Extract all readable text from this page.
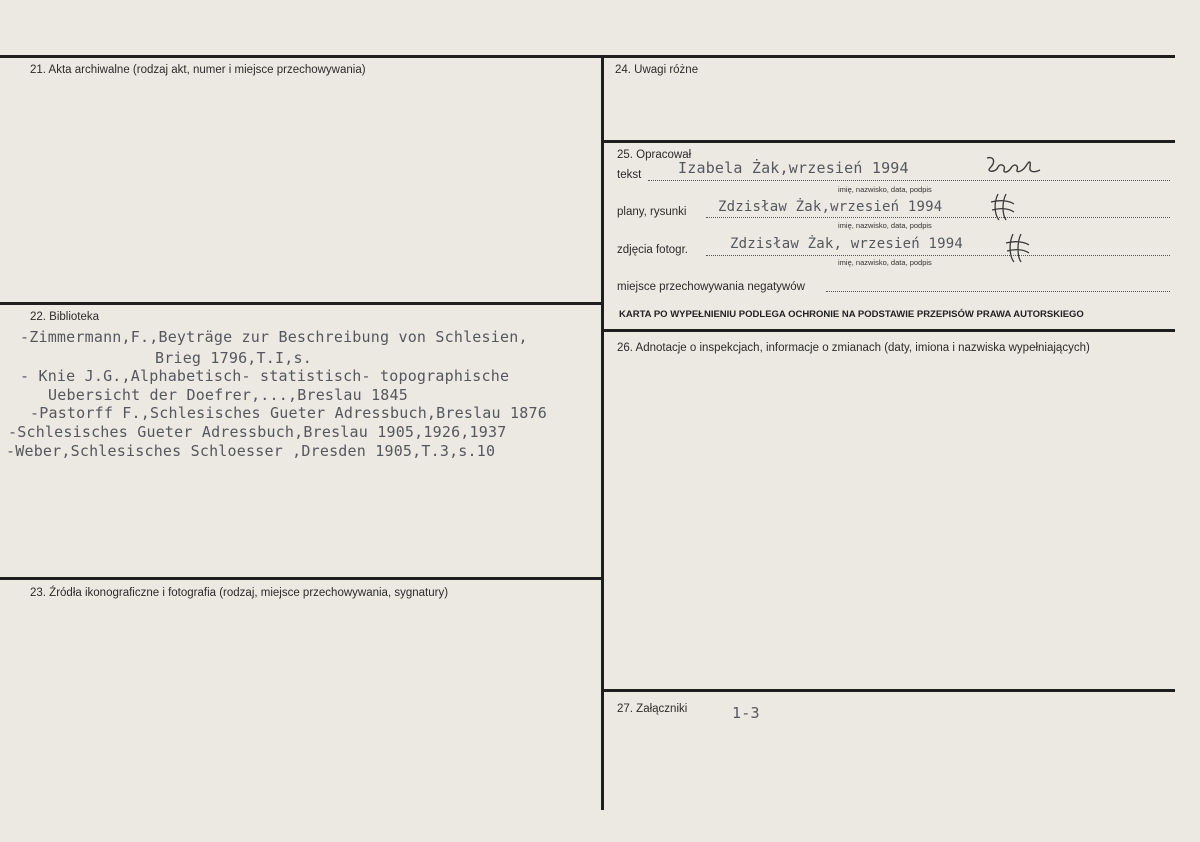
21. Akta archiwalne (rodzaj akt, numer i miejsce przechowywania)
22. Biblioteka
-Zimmermann,F.,Beyträge zur Beschreibung von Schlesien,
Brieg 1796,T.I,s.
- Knie J.G.,Alphabetisch- statistisch- topographische
Uebersicht der Doefrer,...,Breslau 1845
-Pastorff F.,Schlesisches Gueter Adressbuch,Breslau 1876
-Schlesisches Gueter Adressbuch,Breslau 1905,1926,1937
-Weber,Schlesisches Schloesser ,Dresden 1905,T.3,s.10
23. Źródła ikonograficzne i fotografia (rodzaj, miejsce przechowywania, sygnatury)
24. Uwagi różne
25. Opracował
tekst Izabela Żak,wrzesień 1994
imię, nazwisko, data, podpis
plany, rysunki Zdzisław Żak,wrzesień 1994
imię, nazwisko, data, podpis
zdjęcia fotogr.	Zdzisław Żak, wrzesień 1994
imię, nazwisko, data, podpis
miejsce przechowywania negatywów
KARTA PO WYPEŁNIENIU PODLEGA OCHRONIE NA PODSTAWIE PRZEPISÓW PRAWA AUTORSKIEGO
26. Adnotacje o inspekcjach, informacje o zmianach (daty, imiona i nazwiska wypełniających)
27. Załączniki	1-3
